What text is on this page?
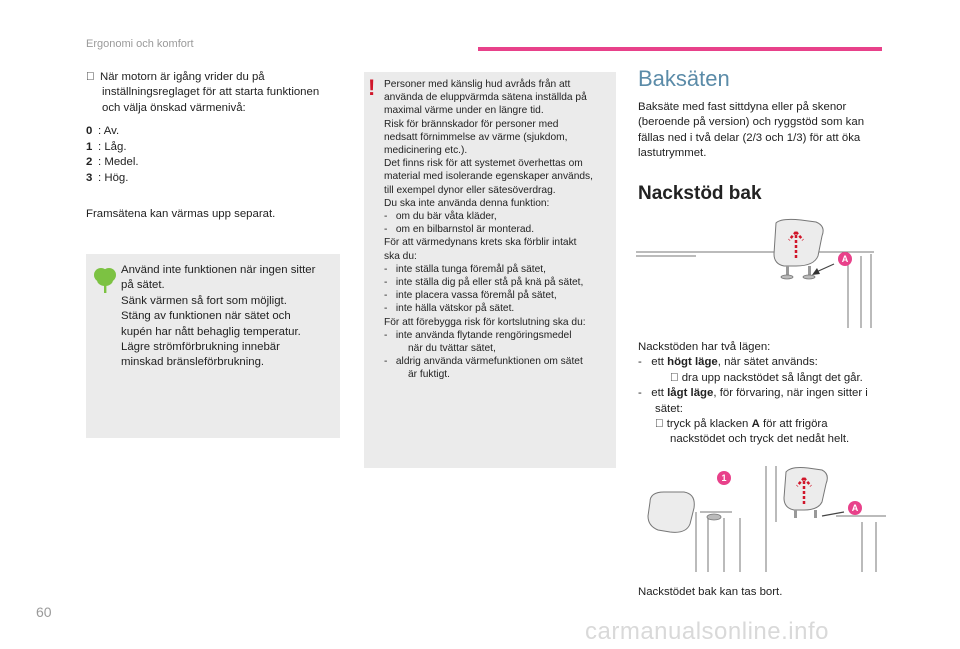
Ergonomi och komfort
När motorn är igång vrider du på
inställningsreglaget för att starta funktionen
och välja önskad värmenivå:
0 : Av.
1 : Låg.
2 : Medel.
3 : Hög.
Framsätena kan värmas upp separat.
Använd inte funktionen när ingen sitter
på sätet.
Sänk värmen så fort som möjligt.
Stäng av funktionen när sätet och
kupén har nått behaglig temperatur.
Lägre strömförbrukning innebär
minskad bränsleförbrukning.
! Personer med känslig hud avråds från att
använda de eluppvärmda sätena inställda på
maximal värme under en längre tid.
Risk för brännskador för personer med
nedsatt förnimmelse av värme (sjukdom,
medicinering etc.).
Det finns risk för att systemet överhettas om
material med isolerande egenskaper används,
till exempel dynor eller sätesöverdrag.
Du ska inte använda denna funktion:
-   om du bär våta kläder,
-   om en bilbarnstol är monterad.
För att värmedynans krets ska förblir intakt
ska du:
-   inte ställa tunga föremål på sätet,
-   inte ställa dig på eller stå på knä på sätet,
-   inte placera vassa föremål på sätet,
-   inte hälla vätskor på sätet.
För att förebygga risk för kortslutning ska du:
-   inte använda flytande rengöringsmedel
när du tvättar sätet,
-   aldrig använda värmefunktionen om sätet
är fuktigt.
Baksäten
Baksäte med fast sittdyna eller på skenor
(beroende på version) och ryggstöd som kan
fällas ned i två delar (2/3 och 1/3) för att öka
lastutrymmet.
Nackstöd bak
A
Nackstöden har två lägen:
-   ett högt läge, när sätet används:
dra upp nackstödet så långt det går.
-   ett lågt läge, för förvaring, när ingen sitter i
sätet:
tryck på klacken A för att frigöra
nackstödet och tryck det nedåt helt.
1
A
Nackstödet bak kan tas bort.
60
carmanualsonline.info
